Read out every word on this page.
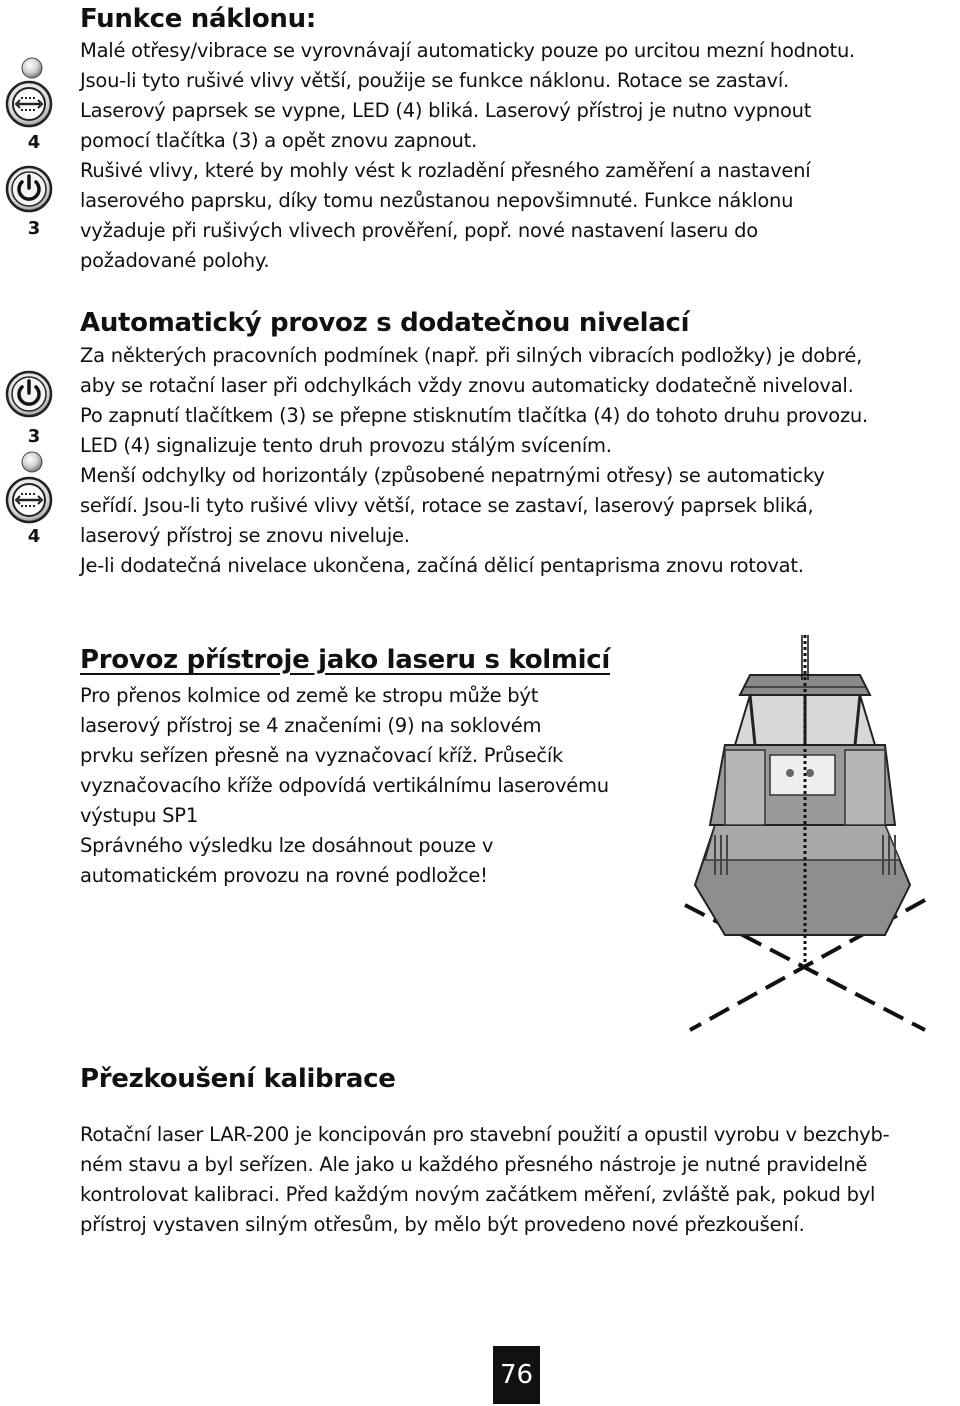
4
3
Funkce náklonu:
Malé otřesy/vibrace se vyrovnávají automaticky pouze po urcitou mezní hodnotu.
Jsou-li tyto rušivé vlivy větší, použije se funkce náklonu. Rotace se zastaví.
Laserový paprsek se vypne, LED (4) bliká. Laserový přístroj je nutno vypnout
pomocí tlačítka (3) a opět znovu zapnout.
Rušivé vlivy, které by mohly vést k rozladění přesného zaměření a nastavení
laserového paprsku, díky tomu nezůstanou nepovšimnuté. Funkce náklonu
vyžaduje při rušivých vlivech prověření, popř. nové nastavení laseru do
požadované polohy.
3
4
Automatický provoz s dodatečnou nivelací
Za některých pracovních podmínek (např. při silných vibracích podložky) je dobré,
aby se rotační laser při odchylkách vždy znovu automaticky dodatečně niveloval.
Po zapnutí tlačítkem (3) se přepne stisknutím tlačítka (4) do tohoto druhu provozu.
LED (4) signalizuje tento druh provozu stálým svícením.
Menší odchylky od horizontály (způsobené nepatrnými otřesy) se automaticky
seřídí. Jsou-li tyto rušivé vlivy větší, rotace se zastaví, laserový paprsek bliká,
laserový přístroj se znovu niveluje.
Je-li dodatečná nivelace ukončena, začíná dělicí pentaprisma znovu rotovat.
Provoz přístroje jako laseru s kolmicí
Pro přenos kolmice od země ke stropu může být
laserový přístroj se 4 značeními (9) na soklovém
prvku seřízen přesně na vyznačovací kříž. Průsečík
vyznačovacího kříže odpovídá vertikálnímu laserovému
výstupu SP1
Správného výsledku lze dosáhnout pouze v
automatickém provozu na rovné podložce!
Přezkoušení kalibrace
Rotační laser LAR-200 je koncipován pro stavební použití a opustil vyrobu v bezchyb-
ném stavu a byl seřízen. Ale jako u každého přesného nástroje je nutné pravidelně
kontrolovat kalibraci. Před každým novým začátkem měření, zvláště pak, pokud byl
přístroj vystaven silným otřesům, by mělo být provedeno nové přezkoušení.
76
